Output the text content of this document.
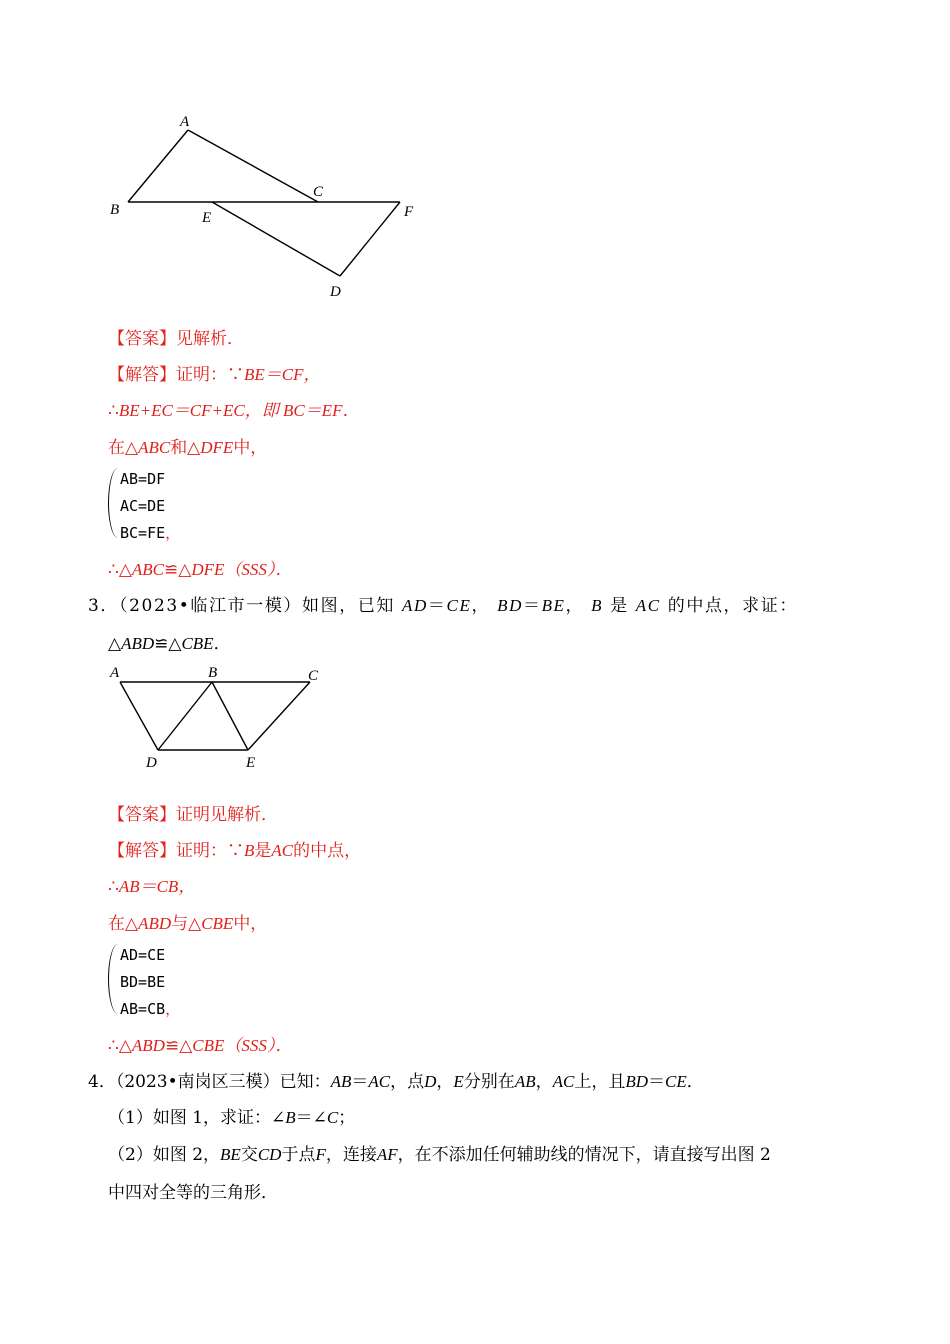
A
B
C
E	F
D
【答案】见解析．
【解答】证明：∵BE＝CF，
∴BE+EC＝CF+EC，即 BC＝EF．
在△ABC和△DFE中，
AB=DF
AC=DE
BC=FE，
∴△ABC≌△DFE（SSS）．
3．（2023•临江市一模）如图，已知 AD＝CE， BD＝BE， B 是 AC 的中点，求证：
△ABD≌△CBE．
A	B	C
D	E
【答案】证明见解析．
【解答】证明：∵B是AC的中点，
∴AB＝CB，
在△ABD与△CBE中，
AD=CE
BD=BE
AB=CB，
∴△ABD≌△CBE（SSS）．
4．（2023•南岗区三模）已知：AB＝AC，点D，E分别在AB，AC上，且BD＝CE．
（1）如图 1，求证：∠B＝∠C；
（2）如图 2，BE交CD于点F，连接AF，在不添加任何辅助线的情况下，请直接写出图 2
中四对全等的三角形．
